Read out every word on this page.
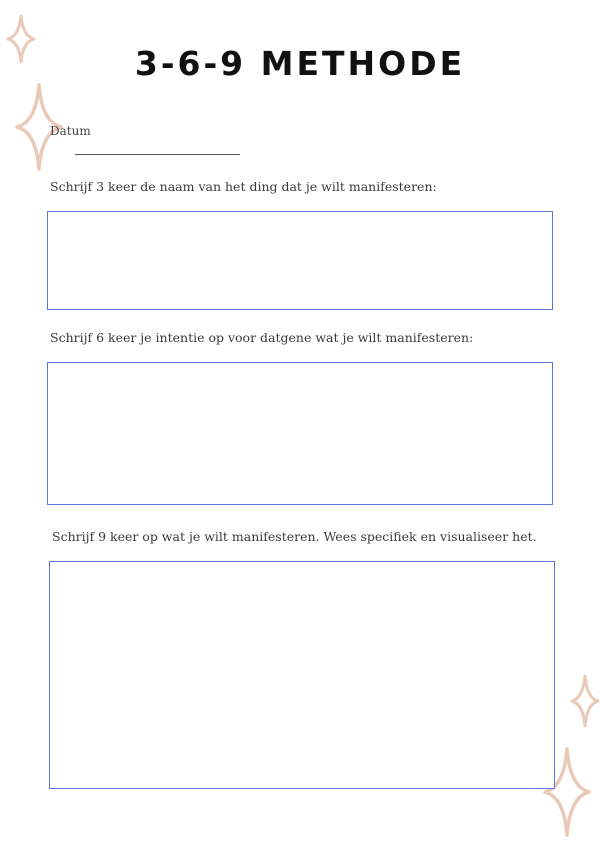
3-6-9 METHODE
Datum
Schrijf 3 keer de naam van het ding dat je wilt manifesteren:
Schrijf 6 keer je intentie op voor datgene wat je wilt manifesteren:
Schrijf 9 keer op wat je wilt manifesteren. Wees specifiek en visualiseer het.
